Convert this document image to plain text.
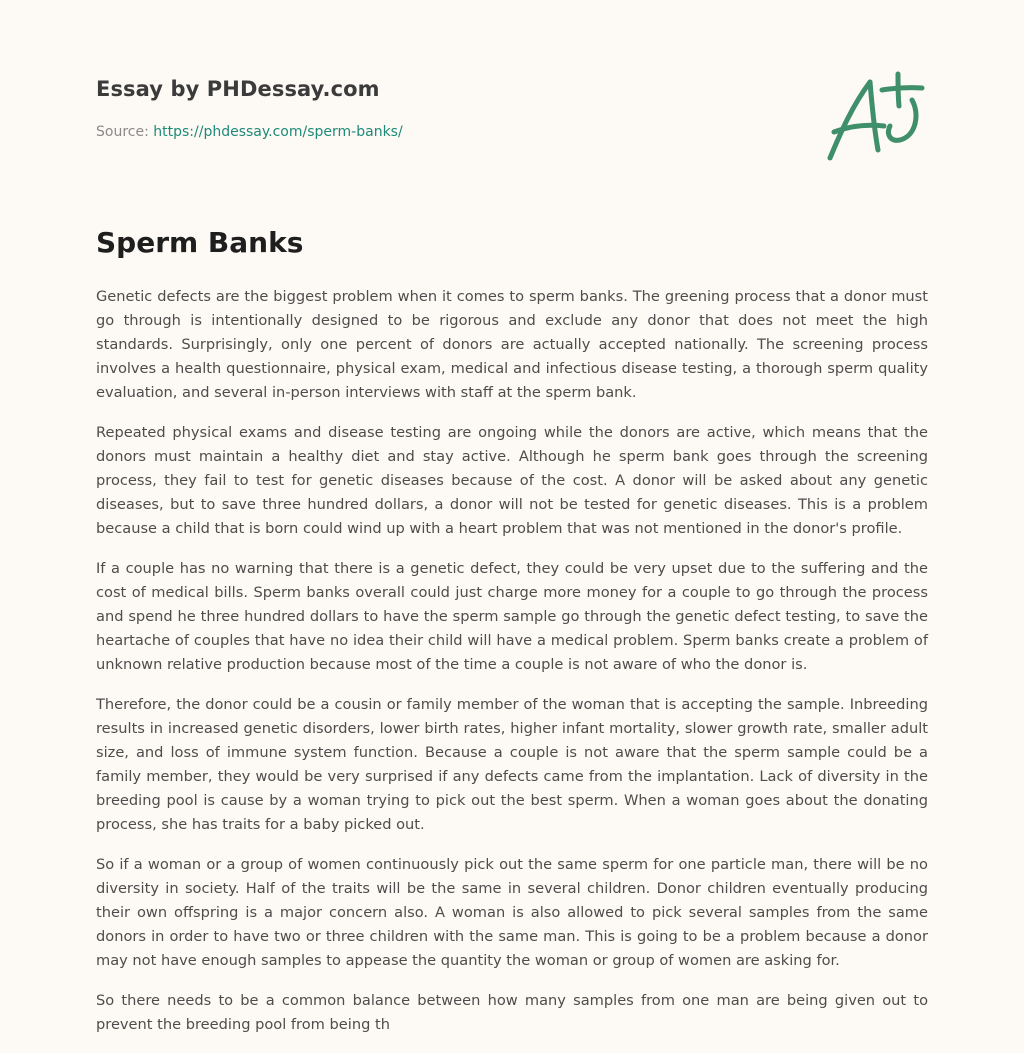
Essay by PHDessay.com

Source: https://phdessay.com/sperm-banks/

Sperm Banks

Genetic defects are the biggest problem when it comes to sperm banks. The greening process that a donor must go through is intentionally designed to be rigorous and exclude any donor that does not meet the high standards. Surprisingly, only one percent of donors are actually accepted nationally. The screening process involves a health questionnaire, physical exam, medical and infectious disease testing, a thorough sperm quality evaluation, and several in-person interviews with staff at the sperm bank.

Repeated physical exams and disease testing are ongoing while the donors are active, which means that the donors must maintain a healthy diet and stay active. Although he sperm bank goes through the screening process, they fail to test for genetic diseases because of the cost. A donor will be asked about any genetic diseases, but to save three hundred dollars, a donor will not be tested for genetic diseases. This is a problem because a child that is born could wind up with a heart problem that was not mentioned in the donor's profile.

If a couple has no warning that there is a genetic defect, they could be very upset due to the suffering and the cost of medical bills. Sperm banks overall could just charge more money for a couple to go through the process and spend he three hundred dollars to have the sperm sample go through the genetic defect testing, to save the heartache of couples that have no idea their child will have a medical problem. Sperm banks create a problem of unknown relative production because most of the time a couple is not aware of who the donor is.

Therefore, the donor could be a cousin or family member of the woman that is accepting the sample. Inbreeding results in increased genetic disorders, lower birth rates, higher infant mortality, slower growth rate, smaller adult size, and loss of immune system function. Because a couple is not aware that the sperm sample could be a family member, they would be very surprised if any defects came from the implantation. Lack of diversity in the breeding pool is cause by a woman trying to pick out the best sperm. When a woman goes about the donating process, she has traits for a baby picked out.

So if a woman or a group of women continuously pick out the same sperm for one particle man, there will be no diversity in society. Half of the traits will be the same in several children. Donor children eventually producing their own offspring is a major concern also. A woman is also allowed to pick several samples from the same donors in order to have two or three children with the same man. This is going to be a problem because a donor may not have enough samples to appease the quantity the woman or group of women are asking for.

So there needs to be a common balance between how many samples from one man are being given out to prevent the breeding pool from being th
